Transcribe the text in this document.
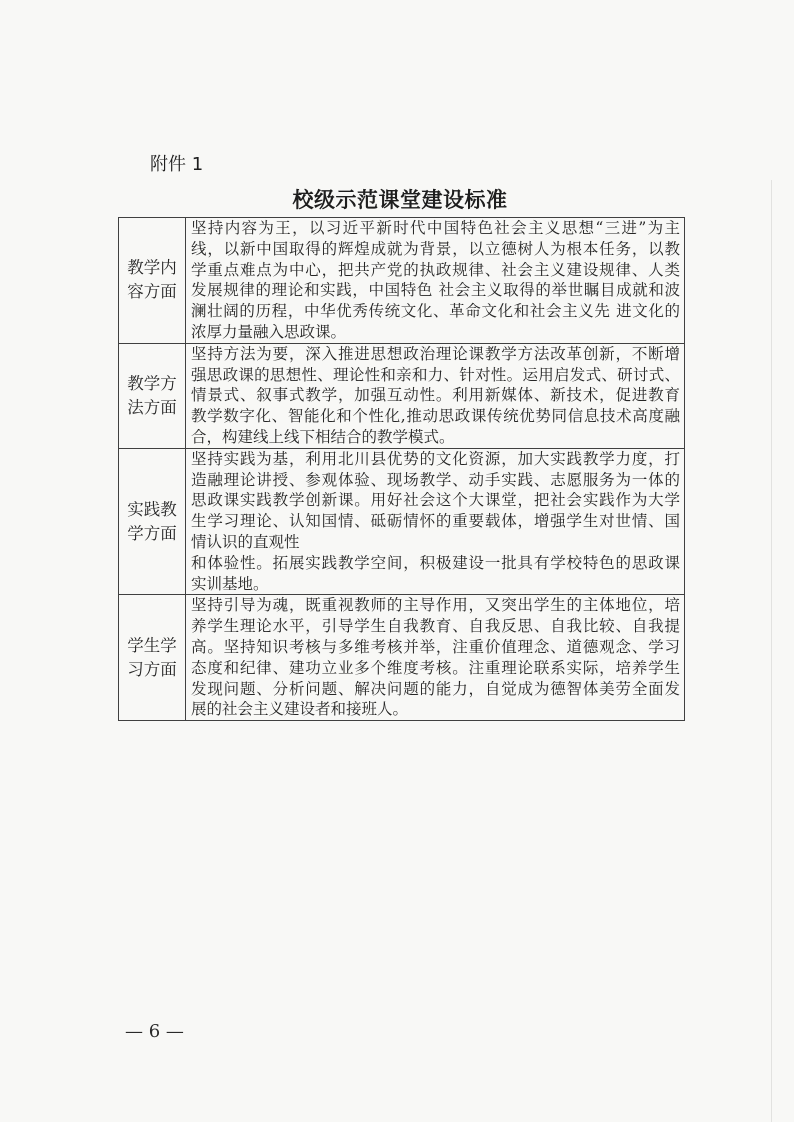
附件 1
校级示范课堂建设标准
教学内
容方面
坚持内容为王，以习近平新时代中国特色社会主义思想“三进”为主
线，以新中国取得的辉煌成就为背景，以立德树人为根本任务，以教
学重点难点为中心，把共产党的执政规律、社会主义建设规律、人类
发展规律的理论和实践，中国特色 社会主义取得的举世瞩目成就和波
澜壮阔的历程，中华优秀传统文化、革命文化和社会主义先 进文化的
浓厚力量融入思政课。
教学方
法方面
坚持方法为要，深入推进思想政治理论课教学方法改革创新，不断增
强思政课的思想性、理论性和亲和力、针对性。运用启发式、研讨式、
情景式、叙事式教学，加强互动性。利用新媒体、新技术，促进教育
教学数字化、智能化和个性化,推动思政课传统优势同信息技术高度融
合，构建线上线下相结合的教学模式。
实践教
学方面
坚持实践为基，利用北川县优势的文化资源，加大实践教学力度，打
造融理论讲授、参观体验、现场教学、动手实践、志愿服务为一体的
思政课实践教学创新课。用好社会这个大课堂，把社会实践作为大学
生学习理论、认知国情、砥砺情怀的重要载体，增强学生对世情、国
情认识的直观性
和体验性。拓展实践教学空间，积极建设一批具有学校特色的思政课
实训基地。
学生学
习方面
坚持引导为魂，既重视教师的主导作用，又突出学生的主体地位，培
养学生理论水平，引导学生自我教育、自我反思、自我比较、自我提
高。坚持知识考核与多维考核并举，注重价值理念、道德观念、学习
态度和纪律、建功立业多个维度考核。注重理论联系实际，培养学生
发现问题、分析问题、解决问题的能力，自觉成为德智体美劳全面发
展的社会主义建设者和接班人。
— 6 —
